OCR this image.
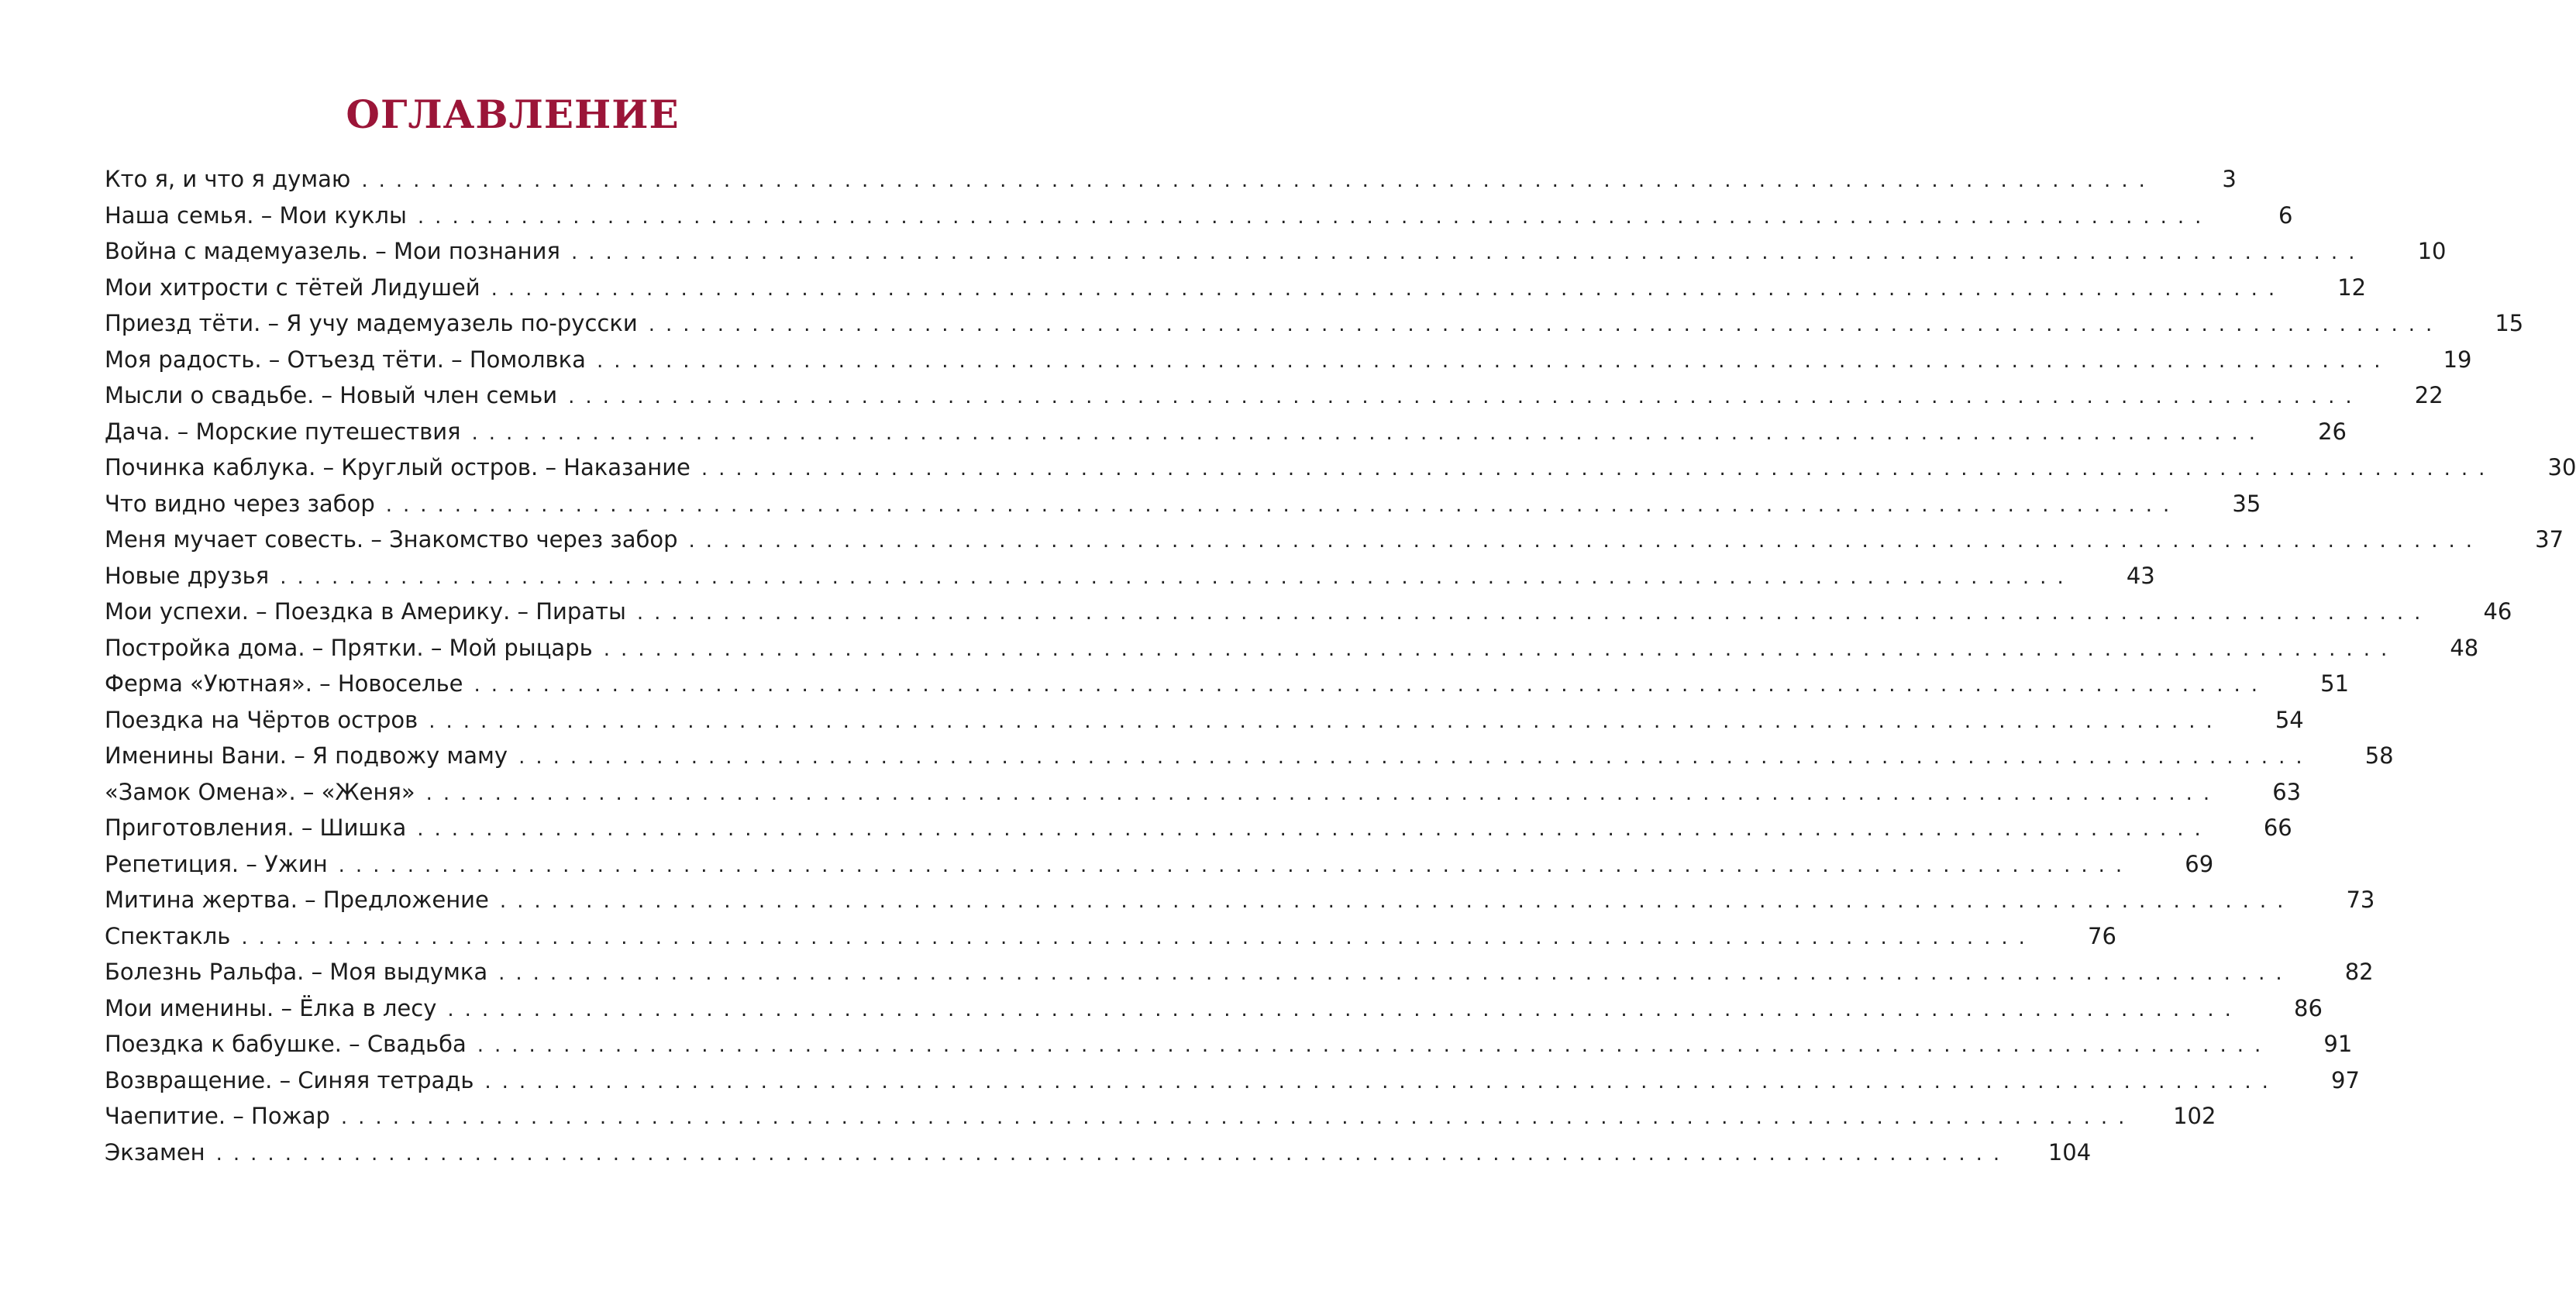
ОГЛАВЛЕНИЕ
Кто я, и что я думаю ........................................................................................................	3
Наша семья. – Мои куклы ........................................................................................................	6
Война с мадемуазель. – Мои познания ........................................................................................................	10
Мои хитрости с тётей Лидушей ........................................................................................................	12
Приезд тёти. – Я учу мадемуазель по-русски ........................................................................................................	15
Моя радость. – Отъезд тёти. – Помолвка ........................................................................................................	19
Мысли о свадьбе. – Новый член семьи ........................................................................................................	22
Дача. – Морские путешествия ........................................................................................................	26
Починка каблука. – Круглый остров. – Наказание ........................................................................................................	30
Что видно через забор ........................................................................................................	35
Меня мучает совесть. – Знакомство через забор ........................................................................................................	37
Новые друзья ........................................................................................................	43
Мои успехи. – Поездка в Америку. – Пираты ........................................................................................................	46
Постройка дома. – Прятки. – Мой рыцарь ........................................................................................................	48
Ферма «Уютная». – Новоселье ........................................................................................................	51
Поездка на Чёртов остров ........................................................................................................	54
Именины Вани. – Я подвожу маму ........................................................................................................	58
«Замок Омена». – «Женя» ........................................................................................................	63
Приготовления. – Шишка ........................................................................................................	66
Репетиция. – Ужин ........................................................................................................	69
Митина жертва. – Предложение ........................................................................................................	73
Спектакль ........................................................................................................	76
Болезнь Ральфа. – Моя выдумка ........................................................................................................	82
Мои именины. – Ёлка в лесу ........................................................................................................	86
Поездка к бабушке. – Свадьба ........................................................................................................	91
Возвращение. – Синяя тетрадь ........................................................................................................	97
Чаепитие. – Пожар ........................................................................................................	102
Экзамен ........................................................................................................	104
